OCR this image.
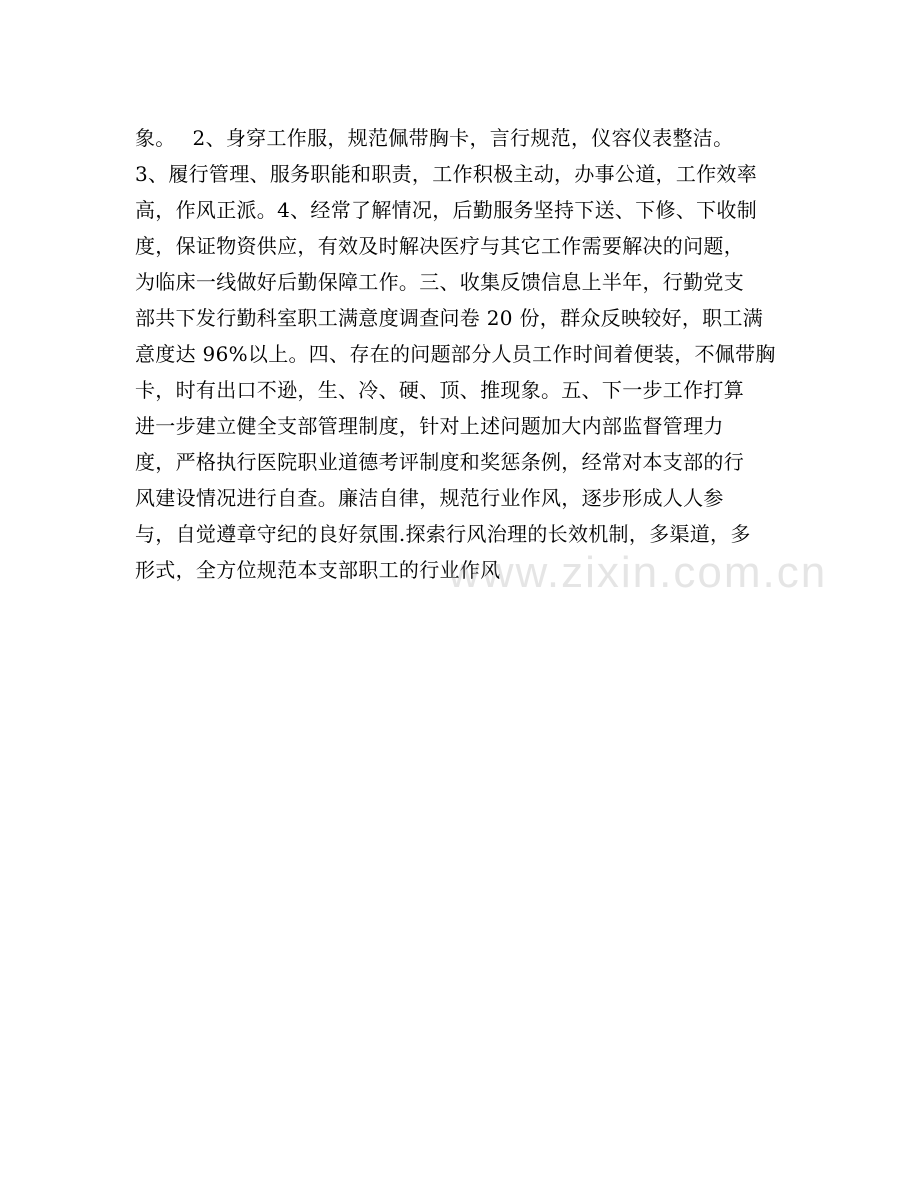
象。　 2、身穿工作服，规范佩带胸卡，言行规范，仪容仪表整洁。
3、履行管理、服务职能和职责，工作积极主动，办事公道，工作效率
高，作风正派。4、经常了解情况，后勤服务坚持下送、下修、下收制
度，保证物资供应，有效及时解决医疗与其它工作需要解决的问题，
为临床一线做好后勤保障工作。三、收集反馈信息上半年，行勤党支
部共下发行勤科室职工满意度调查问卷 20 份，群众反映较好，职工满
意度达 96%以上。四、存在的问题部分人员工作时间着便装，不佩带胸
卡，时有出口不逊，生、冷、硬、顶、推现象。五、下一步工作打算
进一步建立健全支部管理制度，针对上述问题加大内部监督管理力
度，严格执行医院职业道德考评制度和奖惩条例，经常对本支部的行
风建设情况进行自查。廉洁自律，规范行业作风，逐步形成人人参
与，自觉遵章守纪的良好氛围.探索行风治理的长效机制，多渠道，多
形式，全方位规范本支部职工的行业作风
www.zixin.com.cn
